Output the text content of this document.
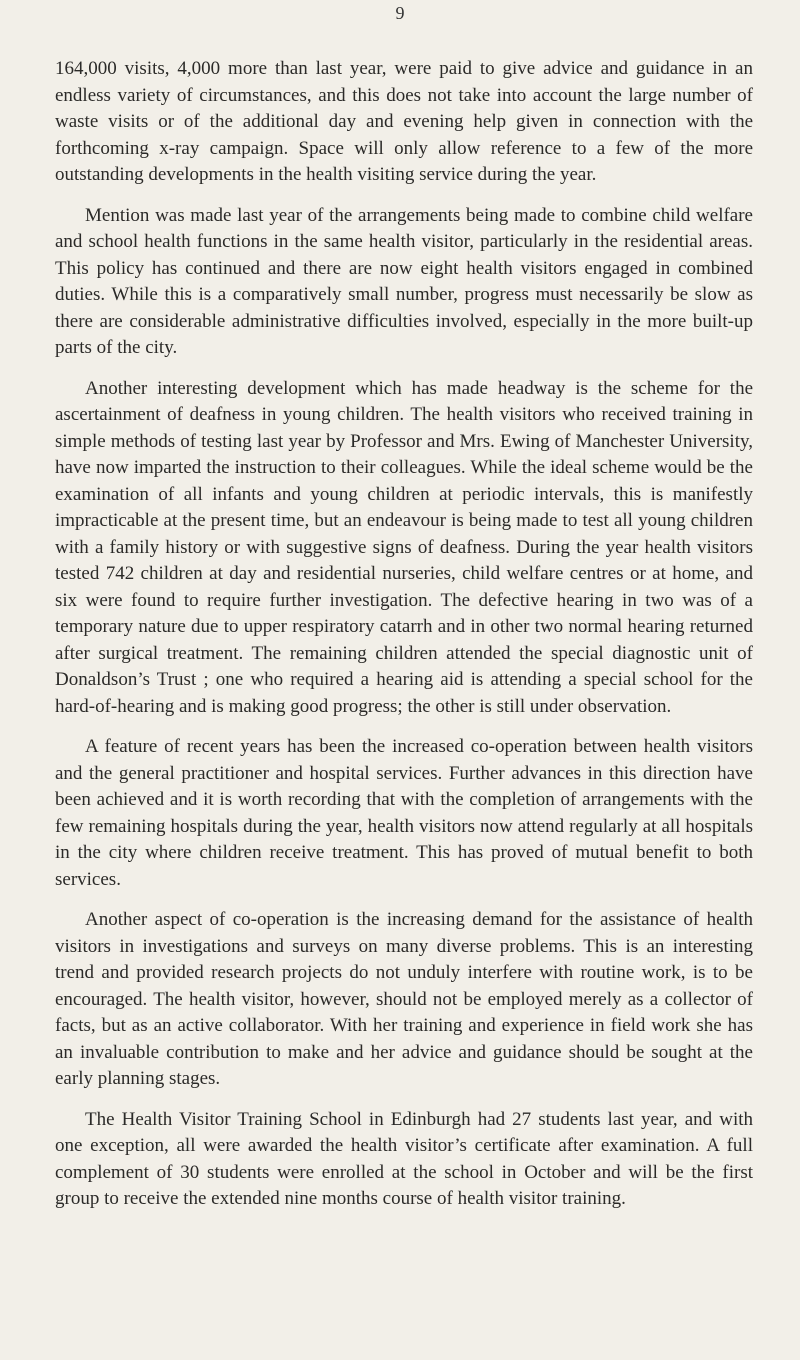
9

164,000 visits, 4,000 more than last year, were paid to give advice and guidance in an endless variety of circumstances, and this does not take into account the large number of waste visits or of the additional day and evening help given in connection with the forthcoming x-ray campaign. Space will only allow reference to a few of the more outstanding developments in the health visiting service during the year.

Mention was made last year of the arrangements being made to combine child welfare and school health functions in the same health visitor, particularly in the residential areas. This policy has continued and there are now eight health visitors engaged in combined duties. While this is a comparatively small number, progress must necessarily be slow as there are considerable administrative difficulties involved, especially in the more built-up parts of the city.

Another interesting development which has made headway is the scheme for the ascertainment of deafness in young children. The health visitors who received training in simple methods of testing last year by Professor and Mrs. Ewing of Manchester University, have now imparted the instruction to their colleagues. While the ideal scheme would be the examination of all infants and young children at periodic intervals, this is manifestly impracticable at the present time, but an endeavour is being made to test all young children with a family history or with suggestive signs of deafness. During the year health visitors tested 742 children at day and residential nurseries, child welfare centres or at home, and six were found to require further investigation. The defective hearing in two was of a temporary nature due to upper respiratory catarrh and in other two normal hearing returned after surgical treatment. The remaining children attended the special diagnostic unit of Donaldson’s Trust ; one who required a hearing aid is attending a special school for the hard-of-hearing and is making good progress; the other is still under observation.

A feature of recent years has been the increased co-operation between health visitors and the general practitioner and hospital services. Further advances in this direction have been achieved and it is worth recording that with the completion of arrangements with the few remaining hospitals during the year, health visitors now attend regularly at all hospitals in the city where children receive treatment. This has proved of mutual benefit to both services.

Another aspect of co-operation is the increasing demand for the assistance of health visitors in investigations and surveys on many diverse problems. This is an interesting trend and provided research projects do not unduly interfere with routine work, is to be encouraged. The health visitor, however, should not be employed merely as a collector of facts, but as an active collaborator. With her training and experience in field work she has an invaluable contribution to make and her advice and guidance should be sought at the early planning stages.

The Health Visitor Training School in Edinburgh had 27 students last year, and with one exception, all were awarded the health visitor’s certificate after examination. A full complement of 30 students were enrolled at the school in October and will be the first group to receive the extended nine months course of health visitor training.
